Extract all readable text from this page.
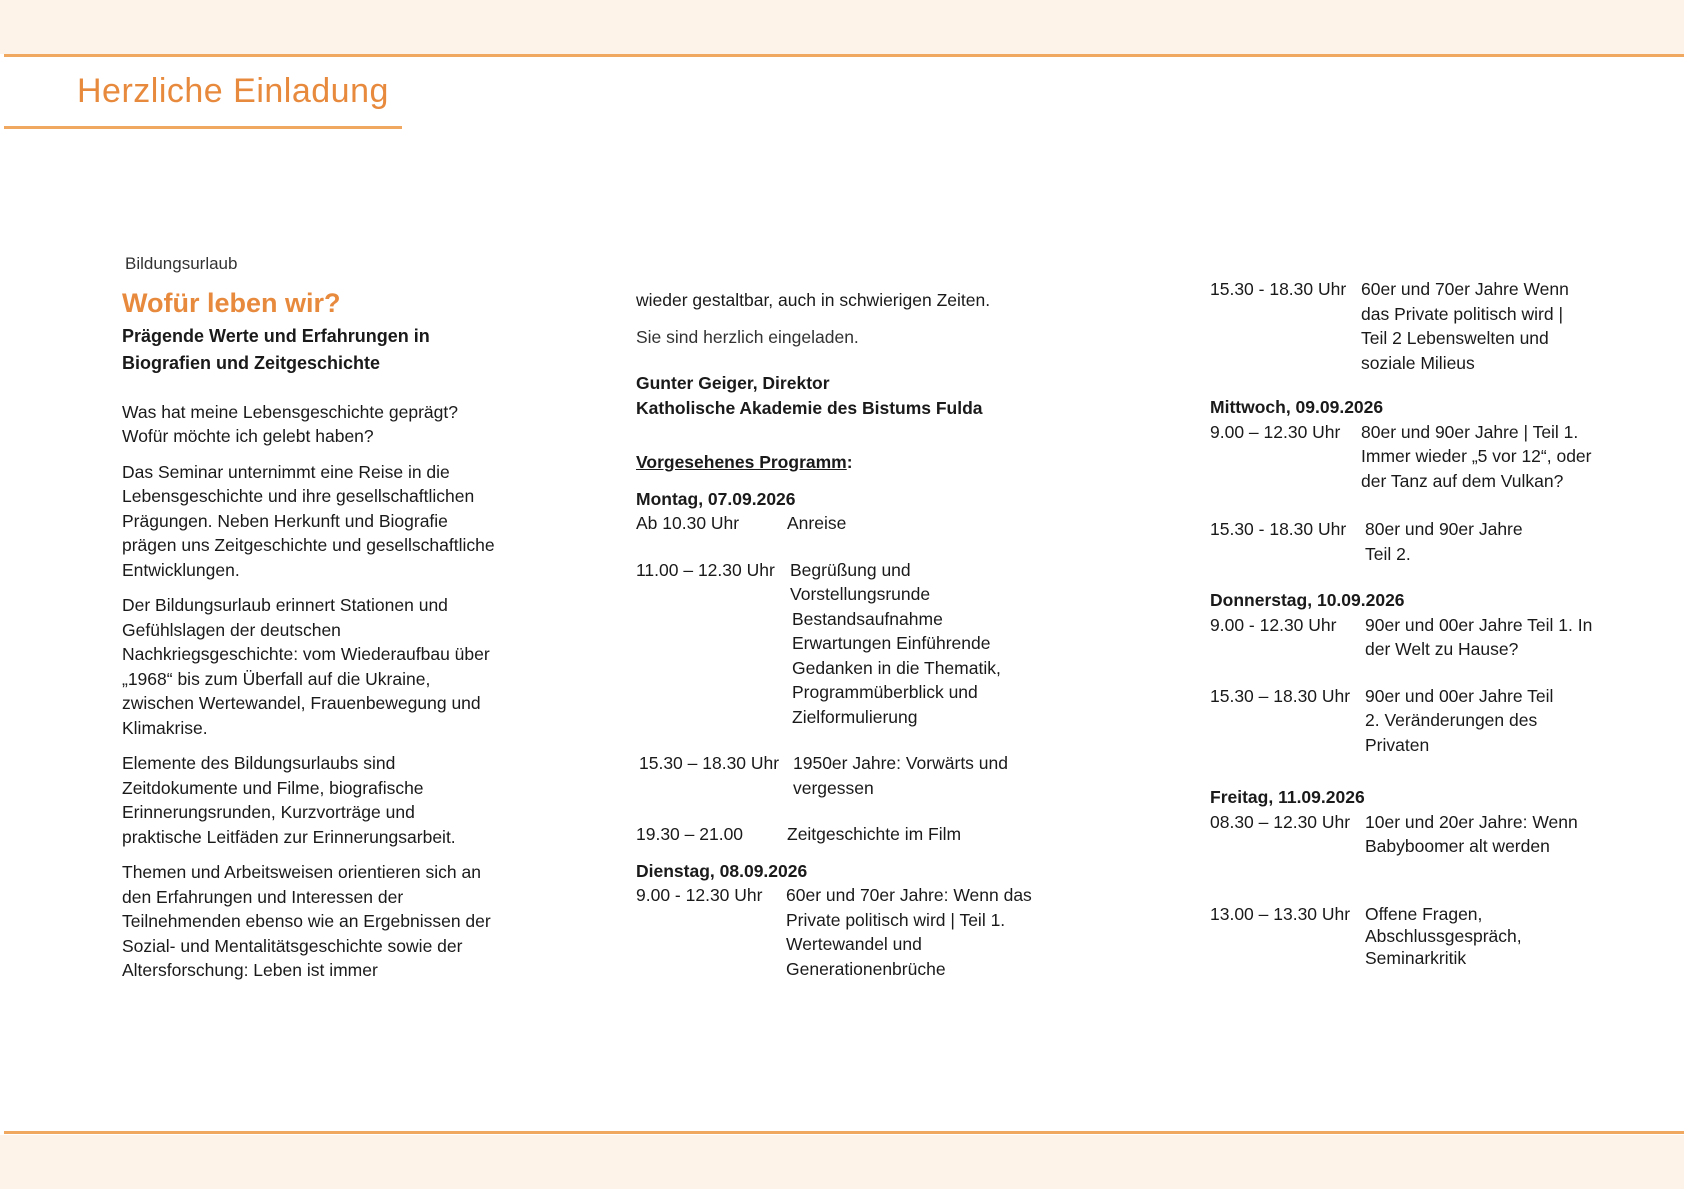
Herzliche Einladung

Bildungsurlaub

Wofür leben wir?

Prägende Werte und Erfahrungen in Biografien und Zeitgeschichte

Was hat meine Lebensgeschichte geprägt? Wofür möchte ich gelebt haben?

Das Seminar unternimmt eine Reise in die Lebensgeschichte und ihre gesellschaftlichen Prägungen. Neben Herkunft und Biografie prägen uns Zeitgeschichte und gesellschaftliche Entwicklungen.

Der Bildungsurlaub erinnert Stationen und Gefühlslagen der deutschen Nachkriegsgeschichte: vom Wiederaufbau über „1968“ bis zum Überfall auf die Ukraine, zwischen Wertewandel, Frauenbewegung und Klimakrise.

Elemente des Bildungsurlaubs sind Zeitdokumente und Filme, biografische Erinnerungsrunden, Kurzvorträge und praktische Leitfäden zur Erinnerungsarbeit.

Themen und Arbeitsweisen orientieren sich an den Erfahrungen und Interessen der Teilnehmenden ebenso wie an Ergebnissen der Sozial- und Mentalitätsgeschichte sowie der Altersforschung: Leben ist immer

wieder gestaltbar, auch in schwierigen Zeiten.

Sie sind herzlich eingeladen.

Gunter Geiger, Direktor

Katholische Akademie des Bistums Fulda

Vorgesehenes Programm:

Montag, 07.09.2026

Ab 10.30 Uhr	Anreise
11.00 – 12.30 Uhr Begrüßung und Vorstellungsrunde
Bestandsaufnahme Erwartungen Einführende Gedanken in die Thematik, Programmüberblick und Zielformulierung
15.30 – 18.30 Uhr 1950er Jahre: Vorwärts und vergessen
19.30 – 21.00	Zeitgeschichte im Film

Dienstag, 08.09.2026

9.00 - 12.30 Uhr	60er und 70er Jahre: Wenn das Private politisch wird | Teil 1. Wertewandel und Generationenbrüche
15.30 - 18.30 Uhr 60er und 70er Jahre Wenn das Private politisch wird | Teil 2 Lebenswelten und soziale Milieus

Mittwoch, 09.09.2026

9.00 – 12.30 Uhr	80er und 90er Jahre | Teil 1. Immer wieder „5 vor 12“, oder der Tanz auf dem Vulkan?
15.30 - 18.30 Uhr	80er und 90er Jahre Teil 2.

Donnerstag, 10.09.2026

9.00 - 12.30 Uhr	90er und 00er Jahre Teil 1. In der Welt zu Hause?
15.30 – 18.30 Uhr 90er und 00er Jahre Teil 2. Veränderungen des Privaten

Freitag, 11.09.2026

08.30 – 12.30 Uhr 10er und 20er Jahre: Wenn Babyboomer alt werden
13.00 – 13.30 Uhr Offene Fragen, Abschlussgespräch, Seminarkritik
